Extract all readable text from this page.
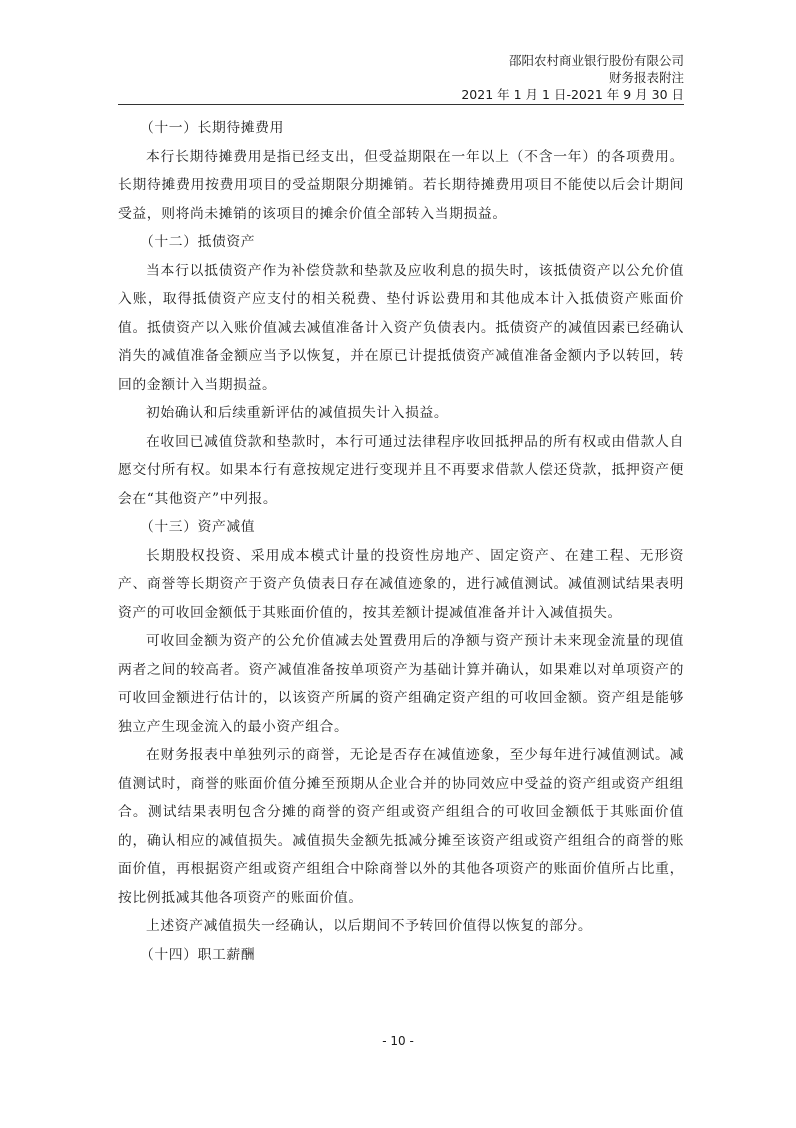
邵阳农村商业银行股份有限公司
财务报表附注
2021 年 1 月 1 日-2021 年 9 月 30 日

（十一）长期待摊费用

本行长期待摊费用是指已经支出，但受益期限在一年以上（不含一年）的各项费用。长期待摊费用按费用项目的受益期限分期摊销。若长期待摊费用项目不能使以后会计期间受益，则将尚未摊销的该项目的摊余价值全部转入当期损益。

（十二）抵债资产

当本行以抵债资产作为补偿贷款和垫款及应收利息的损失时，该抵债资产以公允价值入账，取得抵债资产应支付的相关税费、垫付诉讼费用和其他成本计入抵债资产账面价值。抵债资产以入账价值减去减值准备计入资产负债表内。抵债资产的减值因素已经确认消失的减值准备金额应当予以恢复，并在原已计提抵债资产减值准备金额内予以转回，转回的金额计入当期损益。

初始确认和后续重新评估的减值损失计入损益。

在收回已减值贷款和垫款时，本行可通过法律程序收回抵押品的所有权或由借款人自愿交付所有权。如果本行有意按规定进行变现并且不再要求借款人偿还贷款，抵押资产便会在“其他资产”中列报。

（十三）资产减值

长期股权投资、采用成本模式计量的投资性房地产、固定资产、在建工程、无形资产、商誉等长期资产于资产负债表日存在减值迹象的，进行减值测试。减值测试结果表明资产的可收回金额低于其账面价值的，按其差额计提减值准备并计入减值损失。

可收回金额为资产的公允价值减去处置费用后的净额与资产预计未来现金流量的现值两者之间的较高者。资产减值准备按单项资产为基础计算并确认，如果难以对单项资产的可收回金额进行估计的，以该资产所属的资产组确定资产组的可收回金额。资产组是能够独立产生现金流入的最小资产组合。

在财务报表中单独列示的商誉，无论是否存在减值迹象，至少每年进行减值测试。减值测试时，商誉的账面价值分摊至预期从企业合并的协同效应中受益的资产组或资产组组合。测试结果表明包含分摊的商誉的资产组或资产组组合的可收回金额低于其账面价值的，确认相应的减值损失。减值损失金额先抵减分摊至该资产组或资产组组合的商誉的账面价值，再根据资产组或资产组组合中除商誉以外的其他各项资产的账面价值所占比重，按比例抵减其他各项资产的账面价值。

上述资产减值损失一经确认，以后期间不予转回价值得以恢复的部分。

（十四）职工薪酬

- 10 -
